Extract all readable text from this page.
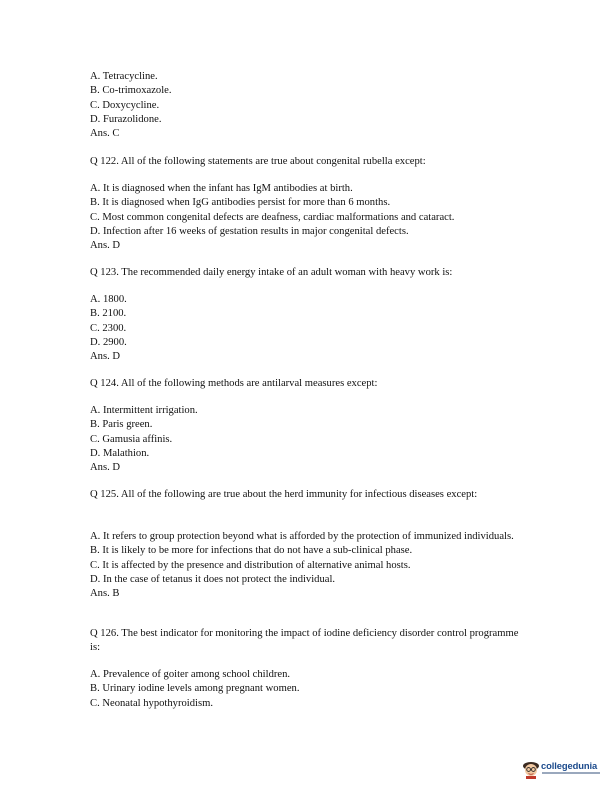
A. Tetracycline.
B. Co-trimoxazole.
C. Doxycycline.
D. Furazolidone.
Ans. C
Q 122. All of the following statements are true about congenital rubella except:
A. It is diagnosed when the infant has IgM antibodies at birth.
B. It is diagnosed when IgG antibodies persist for more than 6 months.
C. Most common congenital defects are deafness, cardiac malformations and cataract.
D. Infection after 16 weeks of gestation results in major congenital defects.
Ans. D
Q 123. The recommended daily energy intake of an adult woman with heavy work is:
A. 1800.
B. 2100.
C. 2300.
D. 2900.
Ans. D
Q 124. All of the following methods are antilarval measures except:
A. Intermittent irrigation.
B. Paris green.
C. Gamusia affinis.
D. Malathion.
Ans. D
Q 125. All of the following are true about the herd immunity for infectious diseases except:
A. It refers to group protection beyond what is afforded by the protection of immunized individuals.
B. It is likely to be more for infections that do not have a sub-clinical phase.
C. It is affected by the presence and distribution of alternative animal hosts.
D. In the case of tetanus it does not protect the individual.
Ans. B
Q 126. The best indicator for monitoring the impact of iodine deficiency disorder control programme is:
A. Prevalence of goiter among school children.
B. Urinary iodine levels among pregnant women.
C. Neonatal hypothyroidism.
collegedunia
